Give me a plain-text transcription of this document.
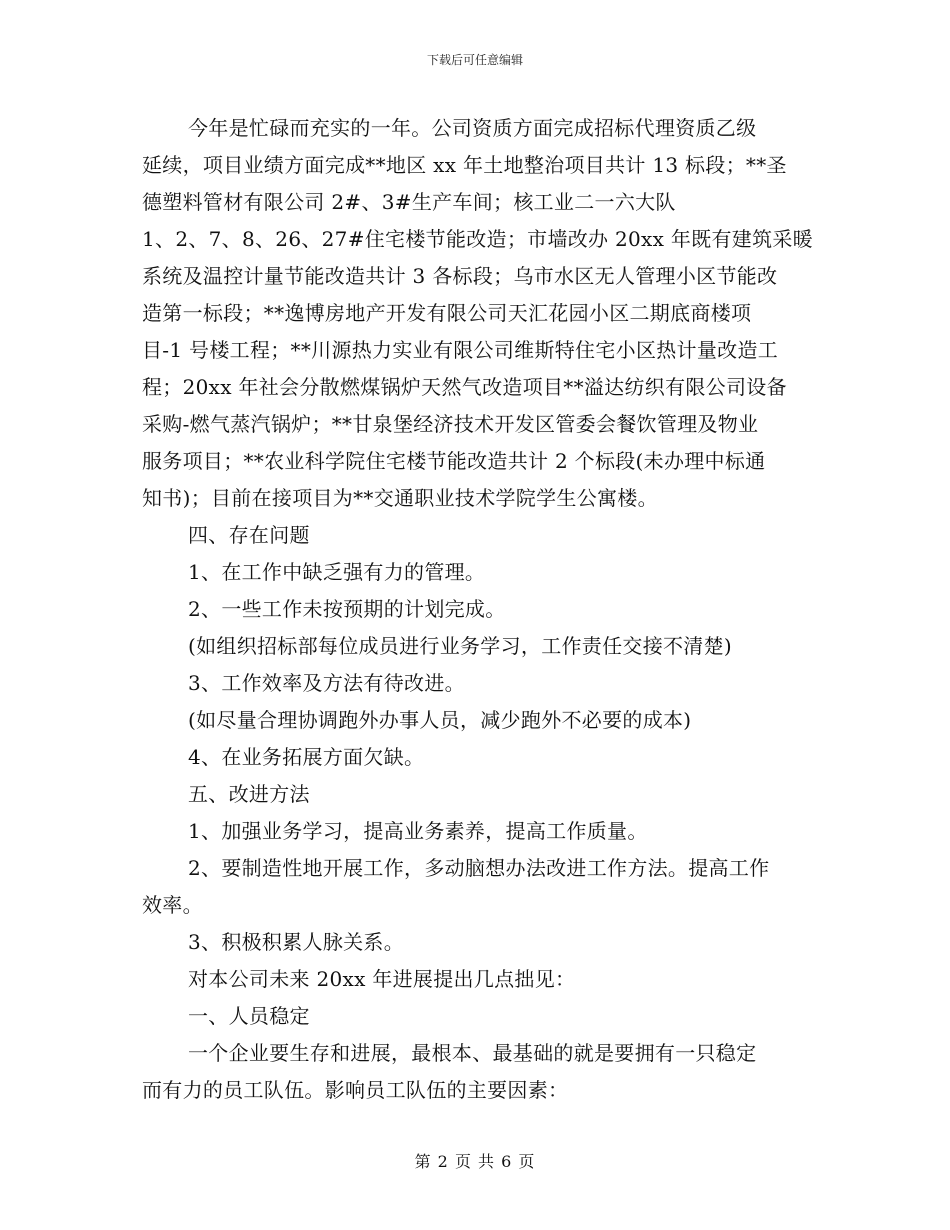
下载后可任意编辑

今年是忙碌而充实的一年。公司资质方面完成招标代理资质乙级

延续，项目业绩方面完成**地区 xx 年土地整治项目共计 13 标段；**圣

德塑料管材有限公司 2#、3#生产车间；核工业二一六大队

1、2、7、8、26、27#住宅楼节能改造；市墙改办 20xx 年既有建筑采暖

系统及温控计量节能改造共计 3 各标段；乌市水区无人管理小区节能改

造第一标段；**逸博房地产开发有限公司天汇花园小区二期底商楼项

目-1 号楼工程；**川源热力实业有限公司维斯特住宅小区热计量改造工

程；20xx 年社会分散燃煤锅炉天然气改造项目**溢达纺织有限公司设备

采购-燃气蒸汽锅炉；**甘泉堡经济技术开发区管委会餐饮管理及物业

服务项目；**农业科学院住宅楼节能改造共计 2 个标段(未办理中标通

知书)；目前在接项目为**交通职业技术学院学生公寓楼。

四、存在问题

1、在工作中缺乏强有力的管理。

2、一些工作未按预期的计划完成。

(如组织招标部每位成员进行业务学习，工作责任交接不清楚)

3、工作效率及方法有待改进。

(如尽量合理协调跑外办事人员，减少跑外不必要的成本)

4、在业务拓展方面欠缺。

五、改进方法

1、加强业务学习，提高业务素养，提高工作质量。

2、要制造性地开展工作，多动脑想办法改进工作方法。提高工作

效率。

3、积极积累人脉关系。

对本公司未来 20xx 年进展提出几点拙见：

一、人员稳定

一个企业要生存和进展，最根本、最基础的就是要拥有一只稳定

而有力的员工队伍。影响员工队伍的主要因素：

第 2 页 共 6 页
